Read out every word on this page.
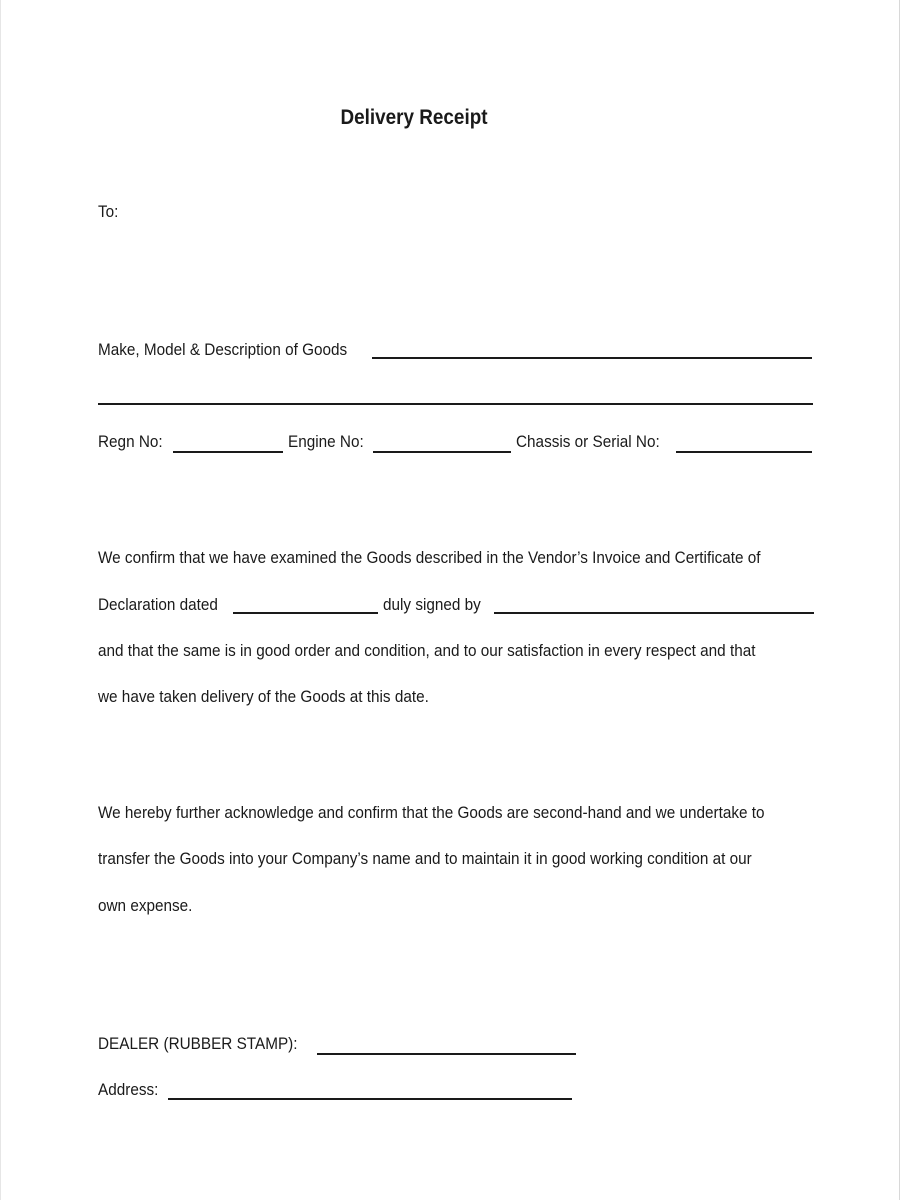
Delivery Receipt
To:
Make, Model & Description of Goods
Regn No:	Engine No:	Chassis or Serial No:
We confirm that we have examined the Goods described in the Vendor’s Invoice and Certificate of
Declaration dated	duly signed by
and that the same is in good order and condition, and to our satisfaction in every respect and that
we have taken delivery of the Goods at this date.
We hereby further acknowledge and confirm that the Goods are second-hand and we undertake to
transfer the Goods into your Company’s name and to maintain it in good working condition at our
own expense.
DEALER (RUBBER STAMP):
Address:
